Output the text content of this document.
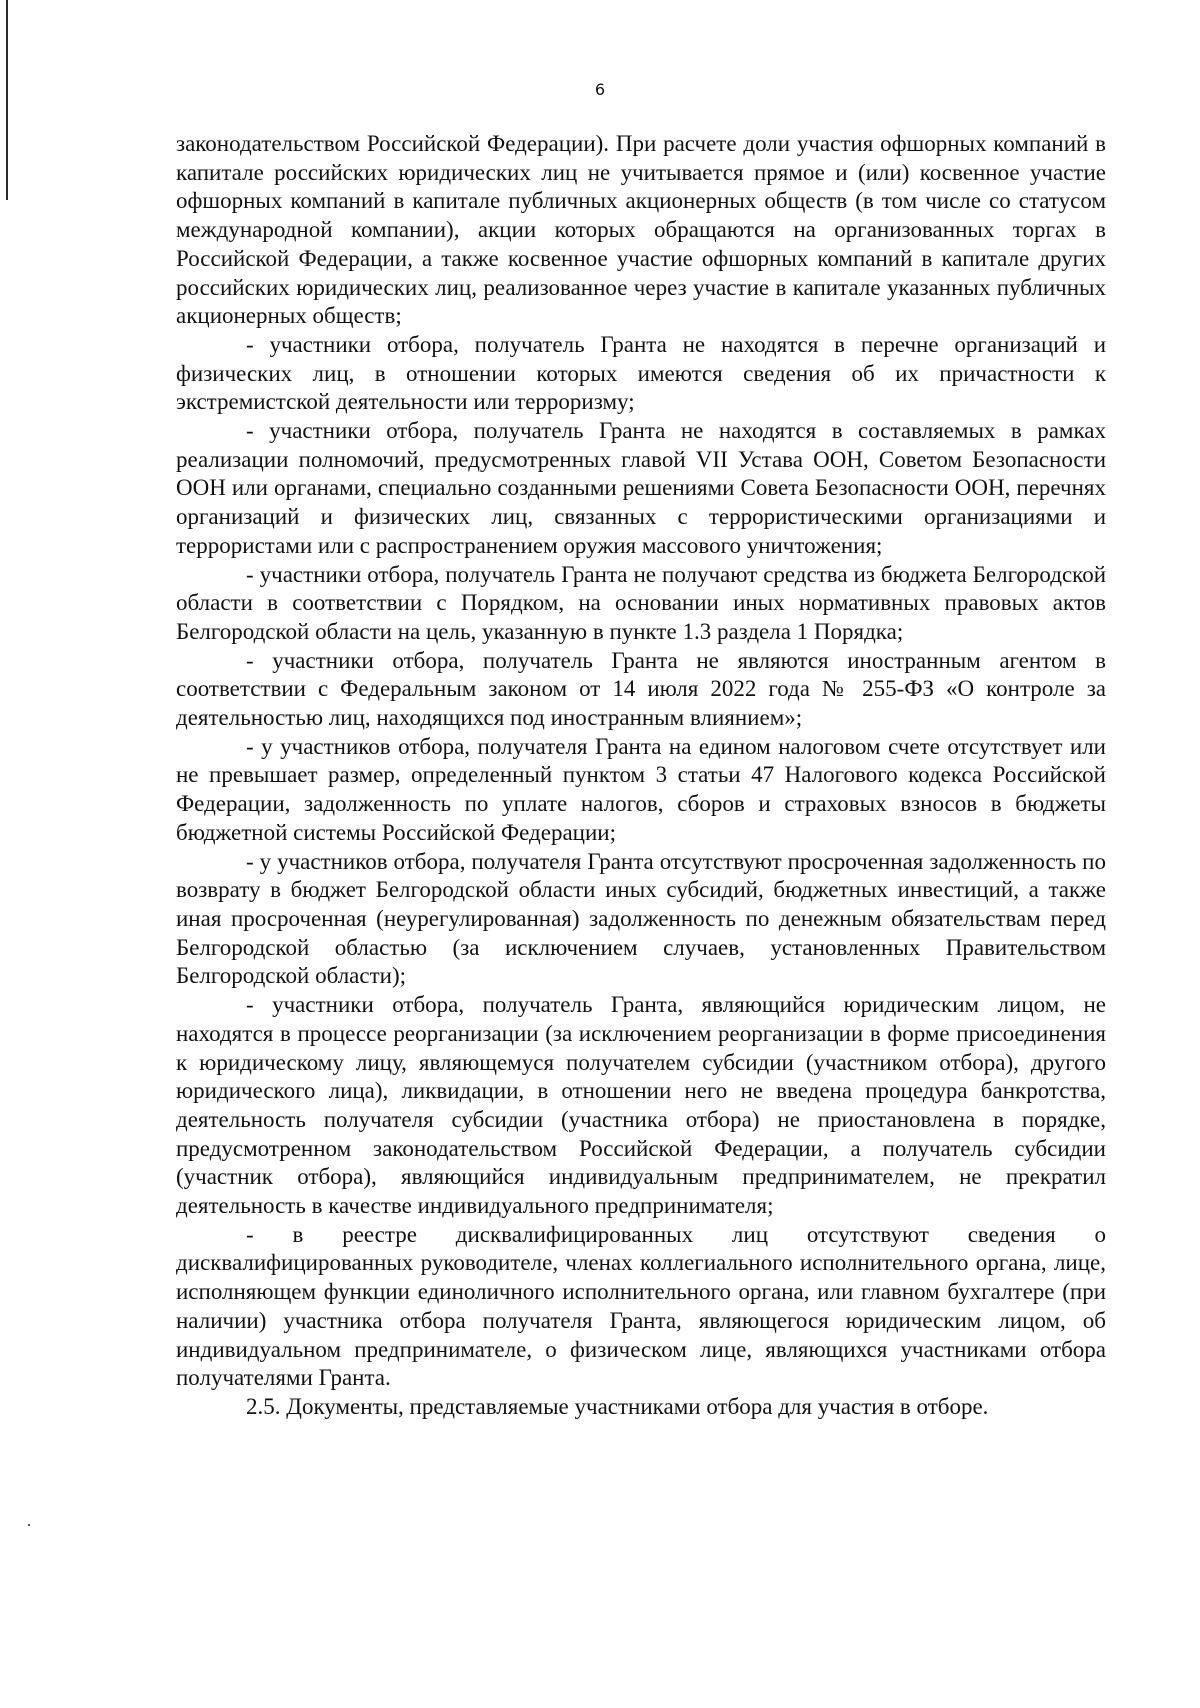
6

законодательством Российской Федерации). При расчете доли участия офшорных компаний в капитале российских юридических лиц не учитывается прямое и (или) косвенное участие офшорных компаний в капитале публичных акционерных обществ (в том числе со статусом международной компании), акции которых обращаются на организованных торгах в Российской Федерации, а также косвенное участие офшорных компаний в капитале других российских юридических лиц, реализованное через участие в капитале указанных публичных акционерных обществ;

- участники отбора, получатель Гранта не находятся в перечне организаций и физических лиц, в отношении которых имеются сведения об их причастности к экстремистской деятельности или терроризму;

- участники отбора, получатель Гранта не находятся в составляемых в рамках реализации полномочий, предусмотренных главой VII Устава ООН, Советом Безопасности ООН или органами, специально созданными решениями Совета Безопасности ООН, перечнях организаций и физических лиц, связанных с террористическими организациями и террористами или с распространением оружия массового уничтожения;

- участники отбора, получатель Гранта не получают средства из бюджета Белгородской области в соответствии с Порядком, на основании иных нормативных правовых актов Белгородской области на цель, указанную в пункте 1.3 раздела 1 Порядка;

- участники отбора, получатель Гранта не являются иностранным агентом в соответствии с Федеральным законом от 14 июля 2022 года № 255-ФЗ «О контроле за деятельностью лиц, находящихся под иностранным влиянием»;

- у участников отбора, получателя Гранта на едином налоговом счете отсутствует или не превышает размер, определенный пунктом 3 статьи 47 Налогового кодекса Российской Федерации, задолженность по уплате налогов, сборов и страховых взносов в бюджеты бюджетной системы Российской Федерации;

- у участников отбора, получателя Гранта отсутствуют просроченная задолженность по возврату в бюджет Белгородской области иных субсидий, бюджетных инвестиций, а также иная просроченная (неурегулированная) задолженность по денежным обязательствам перед Белгородской областью (за исключением случаев, установленных Правительством Белгородской области);

- участники отбора, получатель Гранта, являющийся юридическим лицом, не находятся в процессе реорганизации (за исключением реорганизации в форме присоединения к юридическому лицу, являющемуся получателем субсидии (участником отбора), другого юридического лица), ликвидации, в отношении него не введена процедура банкротства, деятельность получателя субсидии (участника отбора) не приостановлена в порядке, предусмотренном законодательством Российской Федерации, а получатель субсидии (участник отбора), являющийся индивидуальным предпринимателем, не прекратил деятельность в качестве индивидуального предпринимателя;

- в реестре дисквалифицированных лиц отсутствуют сведения о дисквалифицированных руководителе, членах коллегиального исполнительного органа, лице, исполняющем функции единоличного исполнительного органа, или главном бухгалтере (при наличии) участника отбора получателя Гранта, являющегося юридическим лицом, об индивидуальном предпринимателе, о физическом лице, являющихся участниками отбора получателями Гранта.

2.5. Документы, представляемые участниками отбора для участия в отборе.
